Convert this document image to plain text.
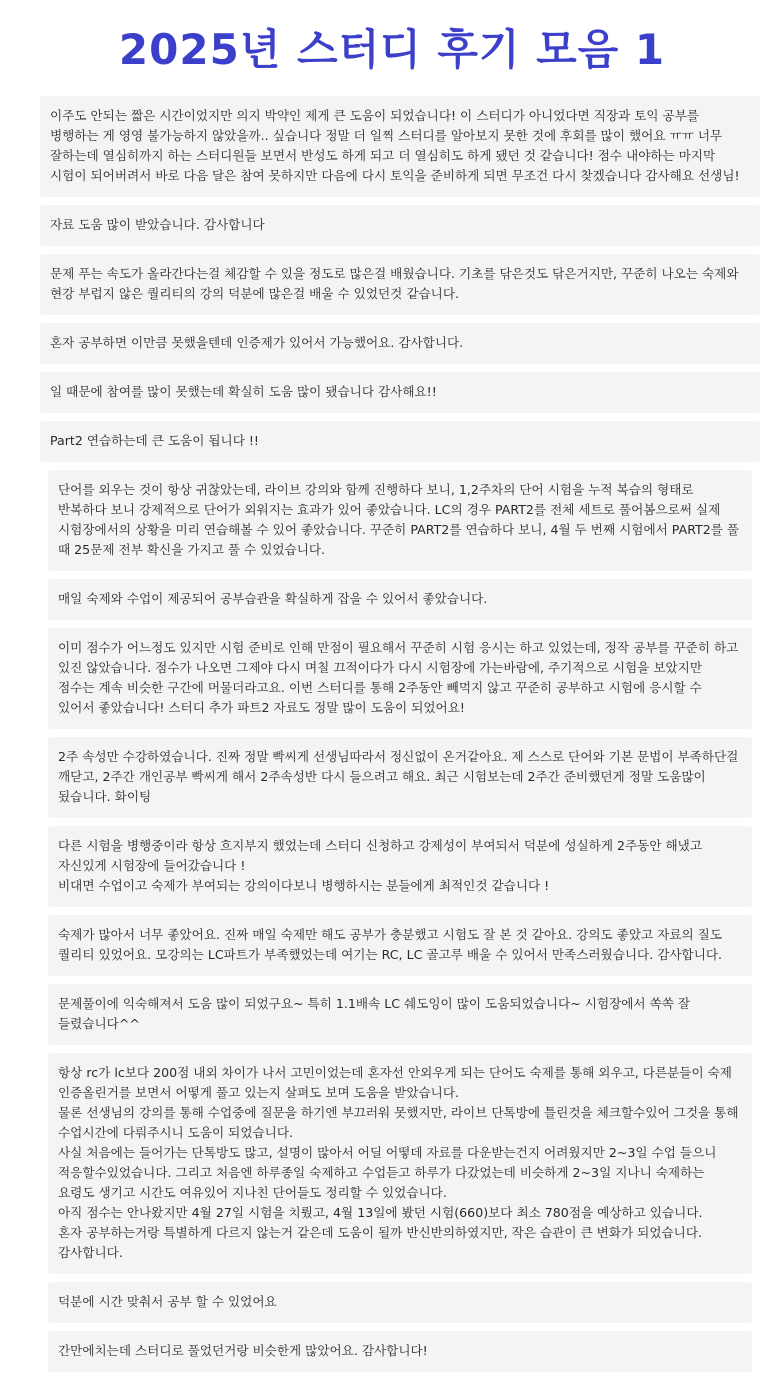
2025년 스터디 후기 모음 1
이주도 안되는 짧은 시간이었지만 의지 박약인 제게 큰 도움이 되었습니다! 이 스터디가 아니었다면 직장과 토익 공부를 병행하는 게 영영 불가능하지 않았을까.. 싶습니다 정말 더 일찍 스터디를 알아보지 못한 것에 후회를 많이 했어요 ㅠㅠ 너무 잘하는데 열심히까지 하는 스터디원들 보면서 반성도 하게 되고 더 열심히도 하게 됐던 것 같습니다! 점수 내야하는 마지막 시험이 되어버려서 바로 다음 달은 참여 못하지만 다음에 다시 토익을 준비하게 되면 무조건 다시 찾겠습니다 감사해요 선생님!
자료 도움 많이 받았습니다. 감사합니다
문제 푸는 속도가 올라간다는걸 체감할 수 있을 정도로 많은걸 배웠습니다. 기초를 닦은것도 닦은거지만, 꾸준히 나오는 숙제와 현강 부럽지 않은 퀄리티의 강의 덕분에 많은걸 배울 수 있었던것 같습니다.
혼자 공부하면 이만큼 못했을텐데 인증제가 있어서 가능했어요. 감사합니다.
일 때문에 참여를 많이 못했는데 확실히 도움 많이 됐습니다 감사해요!!
Part2 연습하는데 큰 도움이 됩니다 !!
단어를 외우는 것이 항상 귀찮았는데, 라이브 강의와 함께 진행하다 보니, 1,2주차의 단어 시험을 누적 복습의 형태로 반복하다 보니 강제적으로 단어가 외워지는 효과가 있어 좋았습니다. LC의 경우 PART2를 전체 세트로 풀어봄으로써 실제 시험장에서의 상황을 미리 연습해볼 수 있어 좋았습니다. 꾸준히 PART2를 연습하다 보니, 4월 두 번째 시험에서 PART2를 풀 때 25문제 전부 확신을 가지고 풀 수 있었습니다.
매일 숙제와 수업이 제공되어 공부습관을 확실하게 잡을 수 있어서 좋았습니다.
이미 점수가 어느정도 있지만 시험 준비로 인해 만점이 필요해서 꾸준히 시험 응시는 하고 있었는데, 정작 공부를 꾸준히 하고 있진 않았습니다. 점수가 나오면 그제야 다시 며칠 끄적이다가 다시 시험장에 가는바람에, 주기적으로 시험을 보았지만 점수는 계속 비슷한 구간에 머물더라고요. 이번 스터디를 통해 2주동안 빼먹지 않고 꾸준히 공부하고 시험에 응시할 수 있어서 좋았습니다! 스터디 추가 파트2 자료도 정말 많이 도움이 되었어요!
2주 속성만 수강하였습니다. 진짜 정말 빡씨게 선생님따라서 정신없이 온거같아요. 제 스스로 단어와 기본 문법이 부족하단걸 깨닫고, 2주간 개인공부 빡씨게 해서 2주속성반 다시 들으려고 해요. 최근 시험보는데 2주간 준비했던게 정말 도움많이 됬습니다. 화이팅
다른 시험을 병행중이라 항상 흐지부지 했었는데 스터디 신청하고 강제성이 부여되서 덕분에 성실하게 2주동안 해냈고 자신있게 시험장에 들어갔습니다 !
비대면 수업이고 숙제가 부여되는 강의이다보니 병행하시는 분들에게 최적인것 같습니다 !
숙제가 많아서 너무 좋았어요. 진짜 매일 숙제만 해도 공부가 충분했고 시험도 잘 본 것 같아요. 강의도 좋았고 자료의 질도 퀄리티 있었어요. 모강의는 LC파트가 부족했었는데 여기는 RC, LC 골고루 배울 수 있어서 만족스러웠습니다. 감사합니다.
문제풀이에 익숙해져서 도움 많이 되었구요~ 특히 1.1배속 LC 쉐도잉이 많이 도움되었습니다~ 시험장에서 쏙쏙 잘 들렸습니다^^
항상 rc가 lc보다 200점 내외 차이가 나서 고민이었는데 혼자선 안외우게 되는 단어도 숙제를 통해 외우고, 다른분들이 숙제 인증올린거를 보면서 어떻게 풀고 있는지 살펴도 보며 도움을 받았습니다.
물론 선생님의 강의를 통해 수업중에 질문을 하기엔 부끄러워 못했지만, 라이브 단톡방에 틀린것을 체크할수있어 그것을 통해 수업시간에 다뤄주시니 도움이 되었습니다.
사실 처음에는 들어가는 단톡방도 많고, 설명이 많아서 어딜 어떻데 자료를 다운받는건지 어려웠지만 2~3일 수업 들으니 적응할수있었습니다. 그리고 처음엔 하루종일 숙제하고 수업듣고 하루가 다갔었는데 비슷하게 2~3일 지나니 숙제하는 요령도 생기고 시간도 여유있어 지나친 단어들도 정리할 수 있었습니다.
아직 점수는 안나왔지만 4월 27일 시험을 치뤘고, 4월 13일에 봤던 시험(660)보다 최소 780점을 예상하고 있습니다.
혼자 공부하는거랑 특별하게 다르지 않는거 같은데 도움이 될까 반신반의하였지만, 작은 습관이 큰 변화가 되었습니다.
감사합니다.
덕분에 시간 맞춰서 공부 할 수 있었어요
간만에치는데 스터디로 풀었던거랑 비슷한게 많았어요. 감사합니다!
